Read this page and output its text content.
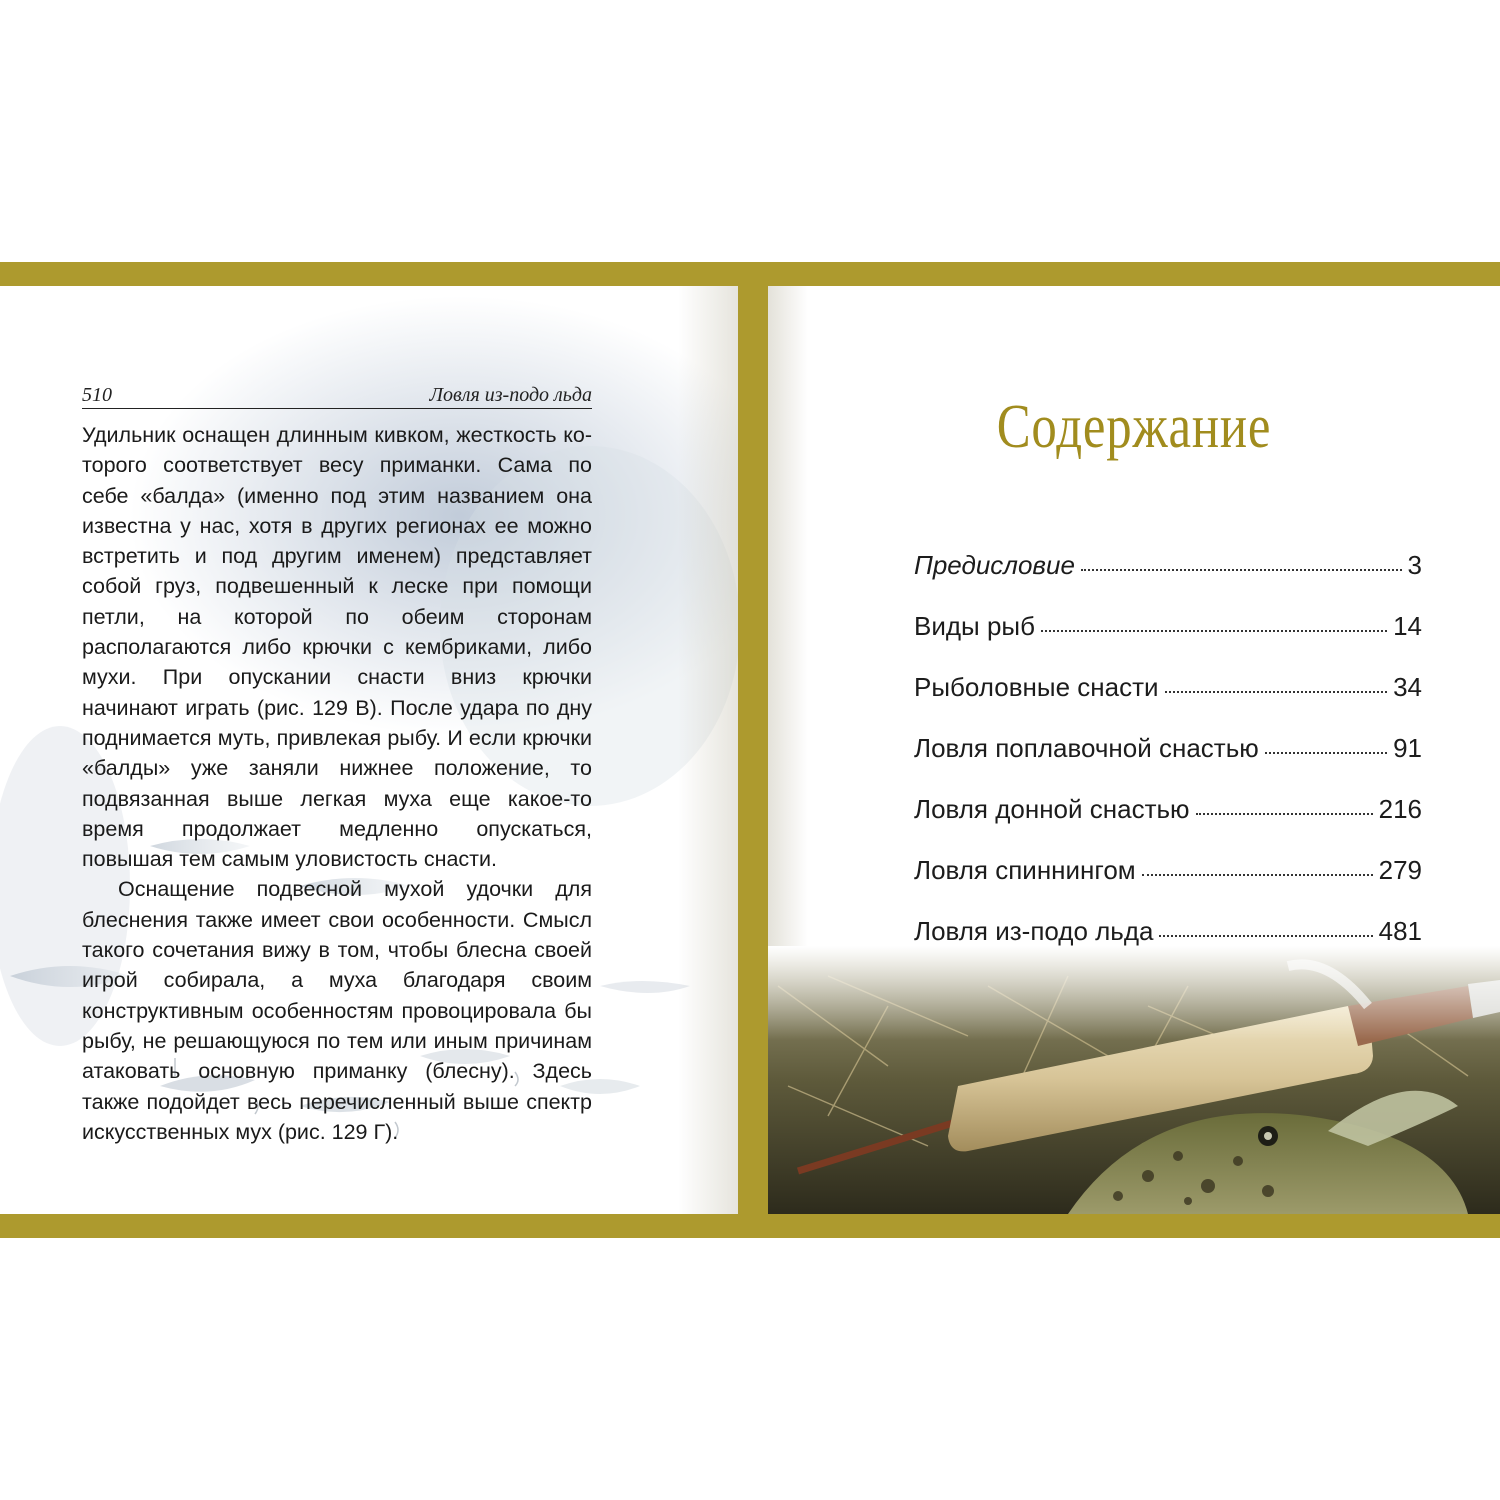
510	Ловля из-подо льда

Удильник оснащен длинным кивком, жесткость которого соответствует весу приманки. Сама по себе «балда» (именно под этим названием она известна у нас, хотя в других регионах ее можно встретить и под другим именем) представляет собой груз, подвешенный к леске при помощи петли, на которой по обеим сторонам располагаются либо крючки с кембриками, либо мухи. При опускании снасти вниз крючки начинают играть (рис. 129 В). После удара по дну поднимается муть, привлекая рыбу. И если крючки «балды» уже заняли нижнее положение, то подвязанная выше легкая муха еще какое-то время продолжает медленно опускаться, повышая тем самым уловистость снасти.

Оснащение подвесной мухой удочки для блеснения также имеет свои особенности. Смысл такого сочетания вижу в том, чтобы блесна своей игрой собирала, а муха благодаря своим конструктивным особенностям провоцировала бы рыбу, не решающуюся по тем или иным причинам атаковать основную приманку (блесну). Здесь также подойдет весь перечисленный выше спектр искусственных мух (рис. 129 Г).

Содержание
Предисловие	3
Виды рыб	14
Рыболовные снасти	34
Ловля поплавочной снастью	91
Ловля донной снастью	216
Ловля спиннингом	279
Ловля из-подо льда	481
